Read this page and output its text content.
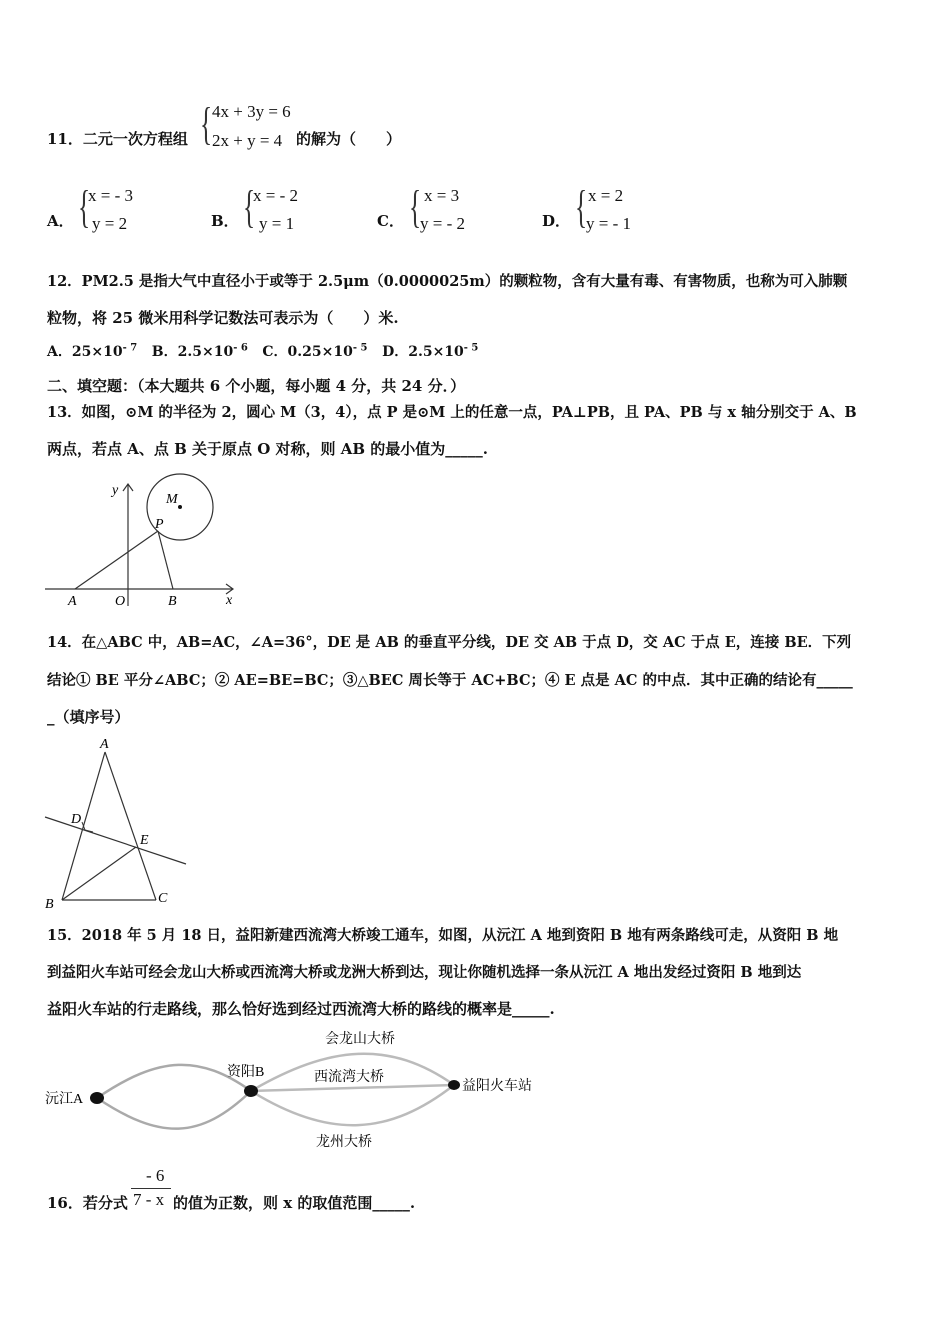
11．二元一次方程组 { 4x + 3y = 6
2x + y = 4 的解为（　　）
A． {
x = - 3
y = 2	B． {
x = - 2
y = 1	C． { x = 3
y = - 2	D． { x = 2
y = - 1
12．PM2.5 是指大气中直径小于或等于 2.5μm（0.0000025m）的颗粒物，含有大量有毒、有害物质，也称为可入肺颗
粒物，将 25 微米用科学记数法可表示为（　　）米.
A．$25\times 10^{- 7}$ B．$2.5\times 10^{- 6}$ C．$0.25\times 10^{- 5}$ D．$2.5\times 10^{- 5}$
二、填空题：（本大题共 6 个小题，每小题 4 分，共 24 分．）
13．如图，⊙M 的半径为 2，圆心 M（3，4），点 P 是⊙M 上的任意一点，PA⊥PB，且 PA、PB 与 x 轴分别交于 A、B
两点，若点 A、点 B 关于原点 O 对称，则 AB 的最小值为_____.
y
x
M
P
A	O	B
14．在△ABC 中，AB=AC，∠A=36°，DE 是 AB 的垂直平分线，DE 交 AB 于点 D，交 AC 于点 E，连接 BE．下列
结论① BE 平分∠ABC；② AE=BE=BC；③△BEC 周长等于 AC+BC；④ E 点是 AC 的中点．其中正确的结论有_____
_（填序号）
A
D
E
B	C
15．2018 年 5 月 18 日，益阳新建西流湾大桥竣工通车，如图，从沅江 A 地到资阳 B 地有两条路线可走，从资阳 B 地
到益阳火车站可经会龙山大桥或西流湾大桥或龙洲大桥到达，现让你随机选择一条从沅江 A 地出发经过资阳 B 地到达
益阳火车站的行走路线，那么恰好选到经过西流湾大桥的路线的概率是_____.
会龙山大桥
西流湾大桥
龙州大桥
沅江A
资阳B
益阳火车站
16．若分式
- 6
7 - x 的值为正数，则 x 的取值范围_____.
